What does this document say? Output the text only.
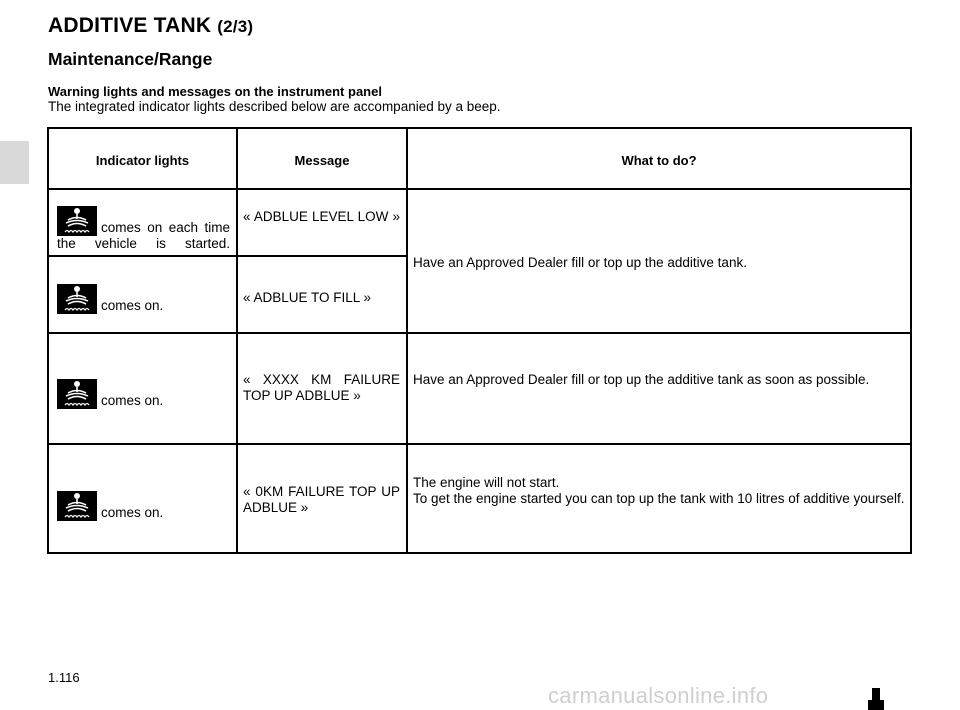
ADDITIVE TANK (2/3)
Maintenance/Range
Warning lights and messages on the instrument panel
The integrated indicator lights described below are accompanied by a beep.
Indicator lights	Message	What to do?
comes on each time the vehicle is started.
« ADBLUE LEVEL LOW »
Have an Approved Dealer fill or top up the additive tank.
comes on.
« ADBLUE TO FILL »
comes on.
« XXXX KM FAILURE TOP UP ADBLUE »
Have an Approved Dealer fill or top up the additive tank as soon as possible.
comes on.
« 0KM FAILURE TOP UP ADBLUE »
The engine will not start.
To get the engine started you can top up the tank with 10 litres of additive yourself.
1.116
carmanualsonline.info
